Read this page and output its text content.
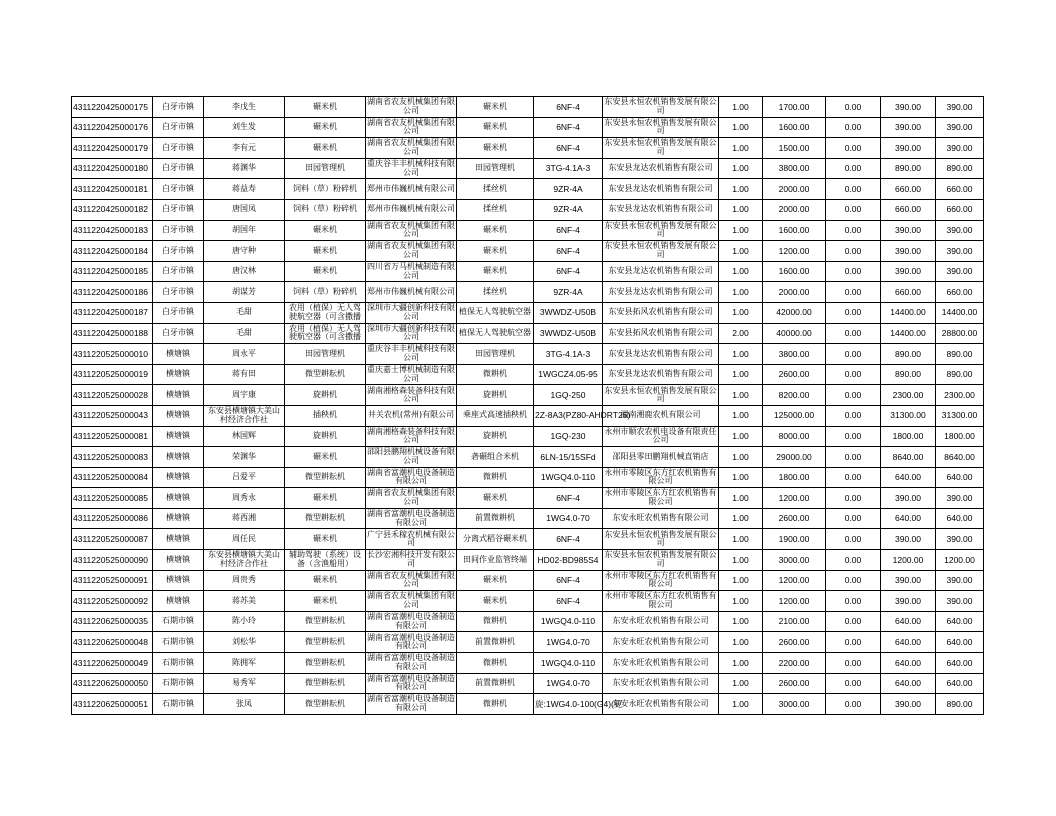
4311220425000175	白牙市镇	李戊生	碾米机	湖南省农友机械集团有限公司	碾米机	6NF-4	东安县永恒农机销售发展有限公司	1.00	1700.00	0.00	390.00	390.00
4311220425000176	白牙市镇	刘生发	碾米机	湖南省农友机械集团有限公司	碾米机	6NF-4	东安县永恒农机销售发展有限公司	1.00	1600.00	0.00	390.00	390.00
4311220425000179	白牙市镇	李有元	碾米机	湖南省农友机械集团有限公司	碾米机	6NF-4	东安县永恒农机销售发展有限公司	1.00	1500.00	0.00	390.00	390.00
4311220425000180	白牙市镇	蒋渊华	田园管理机	重庆谷丰丰机械科技有限公司	田园管理机	3TG-4.1A-3	东安县龙达农机销售有限公司	1.00	3800.00	0.00	890.00	890.00
4311220425000181	白牙市镇	蒋益寿	饲料（草）粉碎机	郑州市伟巍机械有限公司	揉丝机	9ZR-4A	东安县龙达农机销售有限公司	1.00	2000.00	0.00	660.00	660.00
4311220425000182	白牙市镇	唐国凤	饲料（草）粉碎机	郑州市伟巍机械有限公司	揉丝机	9ZR-4A	东安县龙达农机销售有限公司	1.00	2000.00	0.00	660.00	660.00
4311220425000183	白牙市镇	胡国年	碾米机	湖南省农友机械集团有限公司	碾米机	6NF-4	东安县永恒农机销售发展有限公司	1.00	1600.00	0.00	390.00	390.00
4311220425000184	白牙市镇	唐守种	碾米机	湖南省农友机械集团有限公司	碾米机	6NF-4	东安县永恒农机销售发展有限公司	1.00	1200.00	0.00	390.00	390.00
4311220425000185	白牙市镇	唐汉林	碾米机	四川省万马机械制造有限公司	碾米机	6NF-4	东安县龙达农机销售有限公司	1.00	1600.00	0.00	390.00	390.00
4311220425000186	白牙市镇	胡谋芳	饲料（草）粉碎机	郑州市伟巍机械有限公司	揉丝机	9ZR-4A	东安县龙达农机销售有限公司	1.00	2000.00	0.00	660.00	660.00
4311220425000187	白牙市镇	毛甜	农用（植保）无人驾驶航空器（可含撒播	深圳市大疆创新科技有限公司	植保无人驾驶航空器	3WWDZ-U50B	东安县拓风农机销售有限公司	1.00	42000.00	0.00	14400.00	14400.00
4311220425000188	白牙市镇	毛甜	农用（植保）无人驾驶航空器（可含撒播	深圳市大疆创新科技有限公司	植保无人驾驶航空器	3WWDZ-U50B	东安县拓风农机销售有限公司	2.00	40000.00	0.00	14400.00	28800.00
4311220525000010	横塘镇	周永平	田园管理机	重庆谷丰丰机械科技有限公司	田园管理机	3TG-4.1A-3	东安县龙达农机销售有限公司	1.00	3800.00	0.00	890.00	890.00
4311220525000019	横塘镇	蒋有田	微型耕耘机	重庆嘉士博机械制造有限公司	微耕机	1WGCZ4.05-95	东安县龙达农机销售有限公司	1.00	2600.00	0.00	890.00	890.00
4311220525000028	横塘镇	周宇康	旋耕机	湖南湘格森装备科技有限公司	旋耕机	1GQ-250	东安县永恒农机销售发展有限公司	1.00	8200.00	0.00	2300.00	2300.00
4311220525000043	横塘镇	东安县横塘镇大美山村经济合作社	插秧机	井关农机(常州)有限公司	乘座式高速插秧机	2Z-8A3(PZ80-AHDRT25)	湖南湘鹿农机有限公司	1.00	125000.00	0.00	31300.00	31300.00
4311220525000081	横塘镇	林国辉	旋耕机	湖南湘格森装备科技有限公司	旋耕机	1GQ-230	永州市顺农农机电设备有限责任公司	1.00	8000.00	0.00	1800.00	1800.00
4311220525000083	横塘镇	荣渊华	碾米机	邵阳县鹏翔机械设备有限公司	砻碾组合米机	6LN-15/15SFd	邵阳县零田鹏翔机械直销店	1.00	29000.00	0.00	8640.00	8640.00
4311220525000084	横塘镇	吕爱平	微型耕耘机	湖南省富潮机电设备制造有限公司	微耕机	1WGQ4.0-110	永州市零陵区东方红农机销售有限公司	1.00	1800.00	0.00	640.00	640.00
4311220525000085	横塘镇	周秀永	碾米机	湖南省农友机械集团有限公司	碾米机	6NF-4	永州市零陵区东方红农机销售有限公司	1.00	1200.00	0.00	390.00	390.00
4311220525000086	横塘镇	蒋西湘	微型耕耘机	湖南省富潮机电设备制造有限公司	前置微耕机	1WG4.0-70	东安永旺农机销售有限公司	1.00	2600.00	0.00	640.00	640.00
4311220525000087	横塘镇	周任民	碾米机	广宁县禾稼农机械有限公司	分离式稻谷碾米机	6NF-4	东安县永恒农机销售发展有限公司	1.00	1900.00	0.00	390.00	390.00
4311220525000090	横塘镇	东安县横塘镇大美山村经济合作社	辅助驾驶（系统）设备（含渔船用）	长沙宏湘科技开发有限公司	田间作业监管终端	HD02-BD985S4	东安县永恒农机销售发展有限公司	1.00	3000.00	0.00	1200.00	1200.00
4311220525000091	横塘镇	周贵秀	碾米机	湖南省农友机械集团有限公司	碾米机	6NF-4	永州市零陵区东方红农机销售有限公司	1.00	1200.00	0.00	390.00	390.00
4311220525000092	横塘镇	蒋苏美	碾米机	湖南省农友机械集团有限公司	碾米机	6NF-4	永州市零陵区东方红农机销售有限公司	1.00	1200.00	0.00	390.00	390.00
4311220625000035	石期市镇	陈小玲	微型耕耘机	湖南省富潮机电设备制造有限公司	微耕机	1WGQ4.0-110	东安永旺农机销售有限公司	1.00	2100.00	0.00	640.00	640.00
4311220625000048	石期市镇	刘松华	微型耕耘机	湖南省富潮机电设备制造有限公司	前置微耕机	1WG4.0-70	东安永旺农机销售有限公司	1.00	2600.00	0.00	640.00	640.00
4311220625000049	石期市镇	陈拥军	微型耕耘机	湖南省富潮机电设备制造有限公司	微耕机	1WGQ4.0-110	东安永旺农机销售有限公司	1.00	2200.00	0.00	640.00	640.00
4311220625000050	石期市镇	易秀军	微型耕耘机	湖南省富潮机电设备制造有限公司	前置微耕机	1WG4.0-70	东安永旺农机销售有限公司	1.00	2600.00	0.00	640.00	640.00
4311220625000051	石期市镇	张凤	微型耕耘机	湖南省富潮机电设备制造有限公司	微耕机	旋:1WG4.0-100(G4)(更	东安永旺农机销售有限公司	1.00	3000.00	0.00	390.00	890.00
